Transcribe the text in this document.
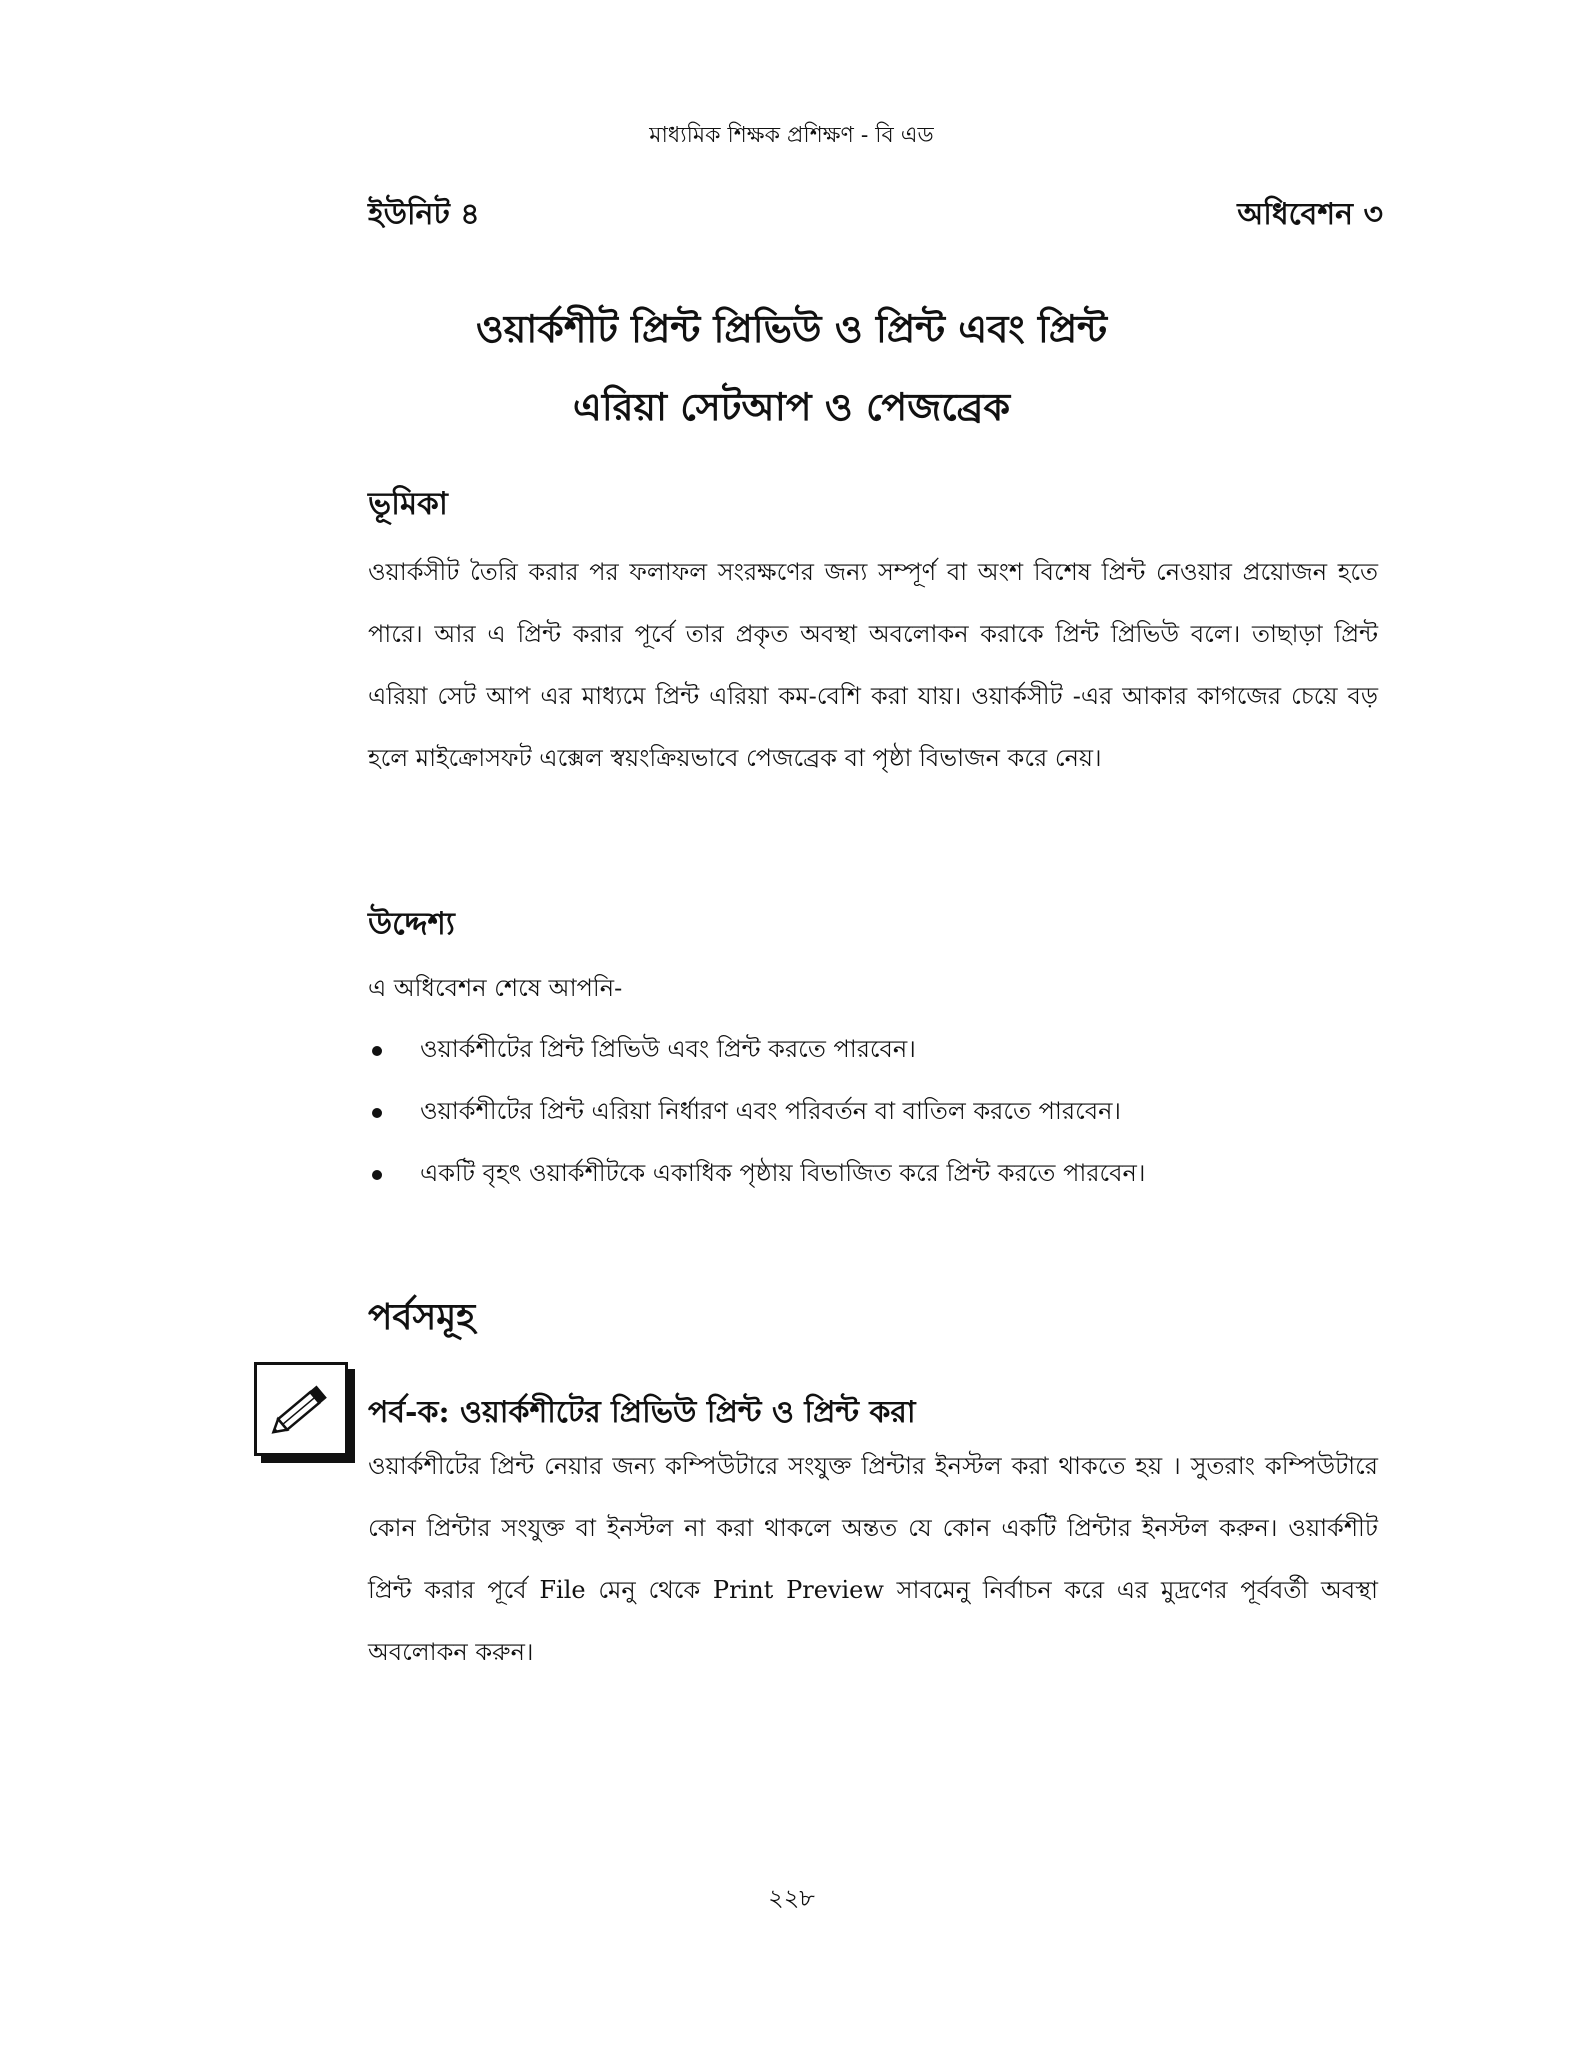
মাধ্যমিক শিক্ষক প্রশিক্ষণ - বি এড
ইউনিট ৪	অধিবেশন ৩
ওয়ার্কশীট প্রিন্ট প্রিভিউ ও প্রিন্ট এবং প্রিন্ট
এরিয়া সেটআপ ও পেজব্রেক
ভূমিকা
ওয়ার্কসীট তৈরি করার পর ফলাফল সংরক্ষণের জন্য সম্পূর্ণ বা অংশ বিশেষ প্রিন্ট নেওয়ার প্রয়োজন হতে পারে। আর এ প্রিন্ট করার পূর্বে তার প্রকৃত অবস্থা অবলোকন করাকে প্রিন্ট প্রিভিউ বলে। তাছাড়া প্রিন্ট এরিয়া সেট আপ এর মাধ্যমে প্রিন্ট এরিয়া কম-বেশি করা যায়। ওয়ার্কসীট -এর আকার কাগজের চেয়ে বড় হলে মাইক্রোসফট এক্সেল স্বয়ংক্রিয়ভাবে পেজব্রেক বা পৃষ্ঠা বিভাজন করে নেয়।
উদ্দেশ্য
এ অধিবেশন শেষে আপনি-
ওয়ার্কশীটের প্রিন্ট প্রিভিউ এবং প্রিন্ট করতে পারবেন।
ওয়ার্কশীটের প্রিন্ট এরিয়া নির্ধারণ এবং পরিবর্তন বা বাতিল করতে পারবেন।
একটি বৃহৎ ওয়ার্কশীটকে একাধিক পৃষ্ঠায় বিভাজিত করে প্রিন্ট করতে পারবেন।
পর্বসমূহ
পর্ব-ক: ওয়ার্কশীটের প্রিভিউ প্রিন্ট ও প্রিন্ট করা
ওয়ার্কশীটের প্রিন্ট নেয়ার জন্য কম্পিউটারে সংযুক্ত প্রিন্টার ইনস্টল করা থাকতে হয় । সুতরাং কম্পিউটারে কোন প্রিন্টার সংযুক্ত বা ইনস্টল না করা থাকলে অন্তত যে কোন একটি প্রিন্টার ইনস্টল করুন। ওয়ার্কশীট প্রিন্ট করার পূর্বে File মেনু থেকে Print Preview সাবমেনু নির্বাচন করে এর মুদ্রণের পূর্ববর্তী অবস্থা অবলোকন করুন।
২২৮
